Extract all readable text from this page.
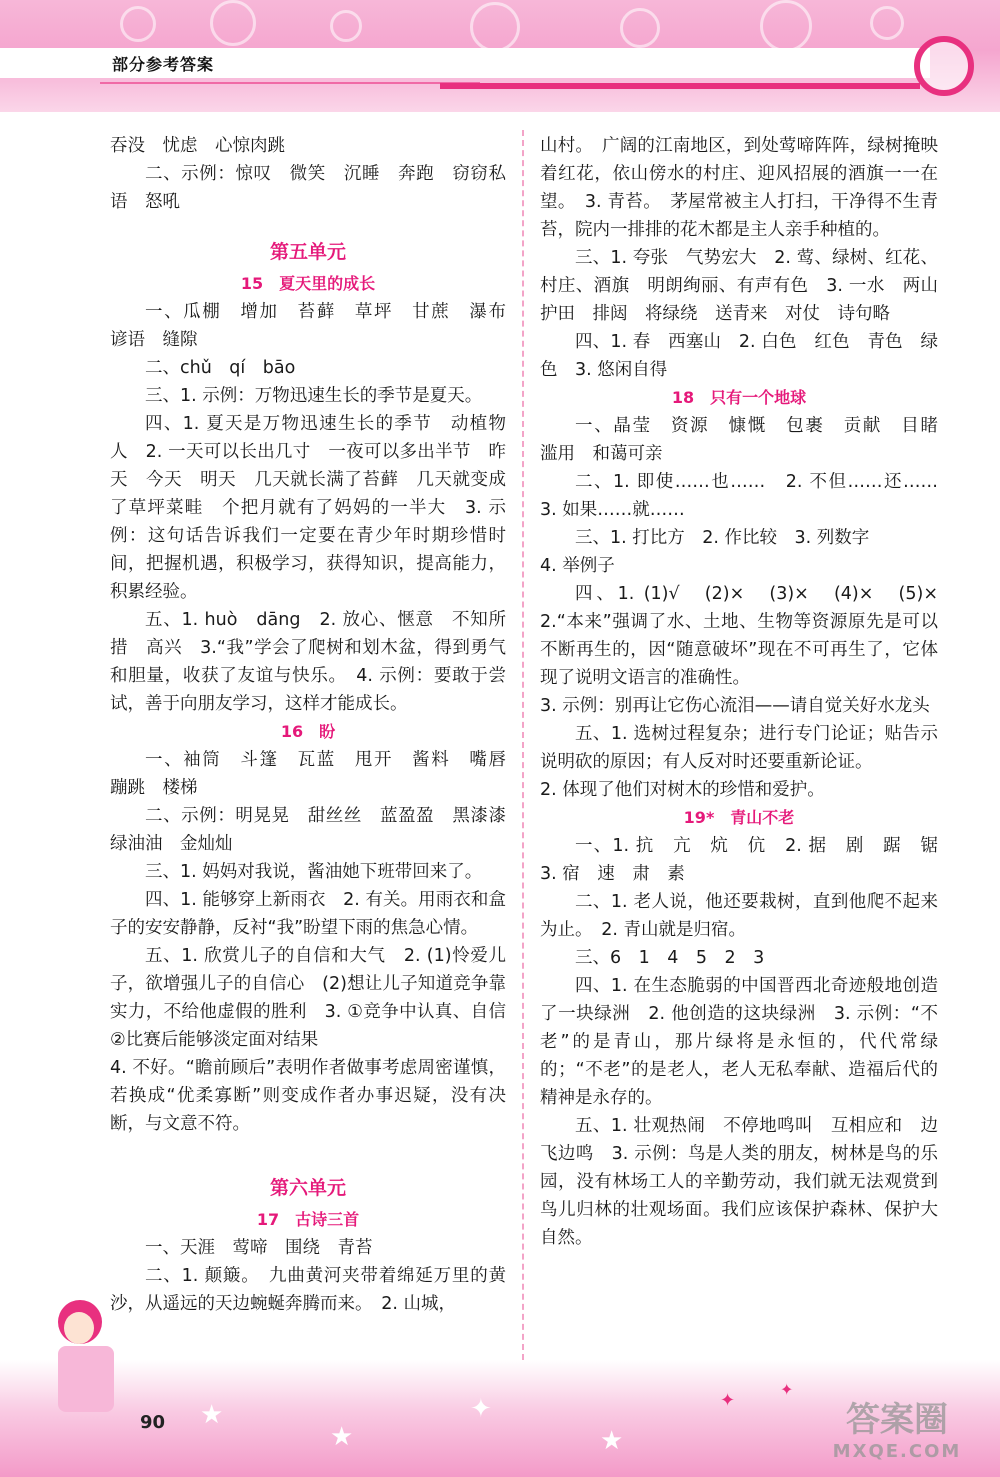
部分参考答案

吞没　忧虑　心惊肉跳

二、示例：惊叹　微笑　沉睡　奔跑　窃窃私语　怒吼

第五单元
15　夏天里的成长

一、瓜棚　增加　苔藓　草坪　甘蔗　瀑布　谚语　缝隙

二、chǔ　qí　bāo

三、1. 示例：万物迅速生长的季节是夏天。

四、1. 夏天是万物迅速生长的季节　动植物　人　2. 一天可以长出几寸　一夜可以多出半节　昨天　今天　明天　几天就长满了苔藓　几天就变成了草坪菜畦　个把月就有了妈妈的一半大　3. 示例：这句话告诉我们一定要在青少年时期珍惜时间，把握机遇，积极学习，获得知识，提高能力，积累经验。

五、1. huò　dāng　2. 放心、惬意　不知所措　高兴　3.“我”学会了爬树和划木盆，得到勇气和胆量，收获了友谊与快乐。　4. 示例：要敢于尝试，善于向朋友学习，这样才能成长。

16　盼

一、袖筒　斗篷　瓦蓝　甩开　酱料　嘴唇　蹦跳　楼梯

二、示例：明晃晃　甜丝丝　蓝盈盈　黑漆漆　绿油油　金灿灿

三、1. 妈妈对我说，酱油她下班带回来了。

四、1. 能够穿上新雨衣　2. 有关。用雨衣和盒子的安安静静，反衬“我”盼望下雨的焦急心情。

五、1. 欣赏儿子的自信和大气　2. (1)怜爱儿子，欲增强儿子的自信心　(2)想让儿子知道竞争靠实力，不给他虚假的胜利　3. ①竞争中认真、自信　②比赛后能够淡定面对结果

4. 不好。“瞻前顾后”表明作者做事考虑周密谨慎，若换成“优柔寡断”则变成作者办事迟疑，没有决断，与文意不符。

第六单元
17　古诗三首

一、天涯　莺啼　围绕　青苔

二、1. 颠簸。　九曲黄河夹带着绵延万里的黄沙，从遥远的天边蜿蜒奔腾而来。　2. 山城，

山村。　广阔的江南地区，到处莺啼阵阵，绿树掩映着红花，依山傍水的村庄、迎风招展的酒旗一一在望。　3. 青苔。　茅屋常被主人打扫，干净得不生青苔，院内一排排的花木都是主人亲手种植的。

三、1. 夸张　气势宏大　2. 莺、绿树、红花、村庄、酒旗　明朗绚丽、有声有色　3. 一水　两山　护田　排闼　将绿绕　送青来　对仗　诗句略

四、1. 春　西塞山　2. 白色　红色　青色　绿色　3. 悠闲自得

18　只有一个地球

一、晶莹　资源　慷慨　包裹　贡献　目睹　滥用　和蔼可亲

二、1. 即使……也……　2. 不但……还……　3. 如果……就……

三、1. 打比方　2. 作比较　3. 列数字

4. 举例子

四、1. (1)√　(2)×　(3)×　(4)×　(5)×　2.“本来”强调了水、土地、生物等资源原先是可以不断再生的，因“随意破坏”现在不可再生了，它体现了说明文语言的准确性。

3. 示例：别再让它伤心流泪——请自觉关好水龙头

五、1. 选树过程复杂；进行专门论证；贴告示说明砍的原因；有人反对时还要重新论证。

2. 体现了他们对树木的珍惜和爱护。

19*　青山不老

一、1. 抗　亢　炕　伉　2. 据　剧　踞　锯　3. 宿　速　肃　素

二、1. 老人说，他还要栽树，直到他爬不起来为止。　2. 青山就是归宿。

三、6　1　4　5　2　3

四、1. 在生态脆弱的中国晋西北奇迹般地创造了一块绿洲　2. 他创造的这块绿洲　3. 示例：“不老”的是青山，那片绿将是永恒的，代代常绿的；“不老”的是老人，老人无私奉献、造福后代的精神是永存的。

五、1. 壮观热闹　不停地鸣叫　互相应和　边飞边鸣　3. 示例：鸟是人类的朋友，树林是鸟的乐园，没有林场工人的辛勤劳动，我们就无法观赏到鸟儿归林的壮观场面。我们应该保护森林、保护大自然。

★
★
✦
★
✦
✦
90	答案圈
MXQE.COM
